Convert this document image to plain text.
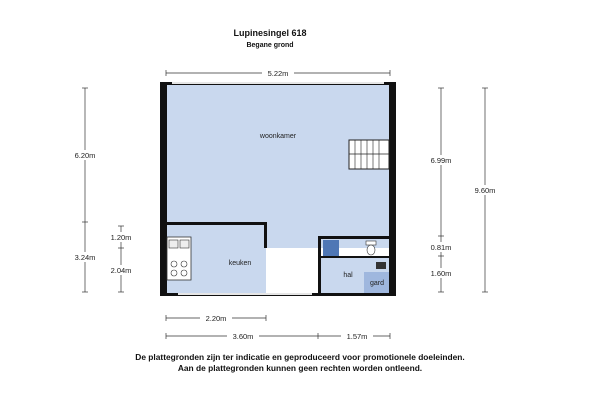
Lupinesingel 618
Begane grond
woonkamer
keuken
hal
gard
5.22m
6.20m
3.24m
1.20m
2.04m
6.99m
0.81m
1.60m
9.60m
2.20m
3.60m	1.57m
De plattegronden zijn ter indicatie en geproduceerd voor promotionele doeleinden.
Aan de plattegronden kunnen geen rechten worden ontleend.
